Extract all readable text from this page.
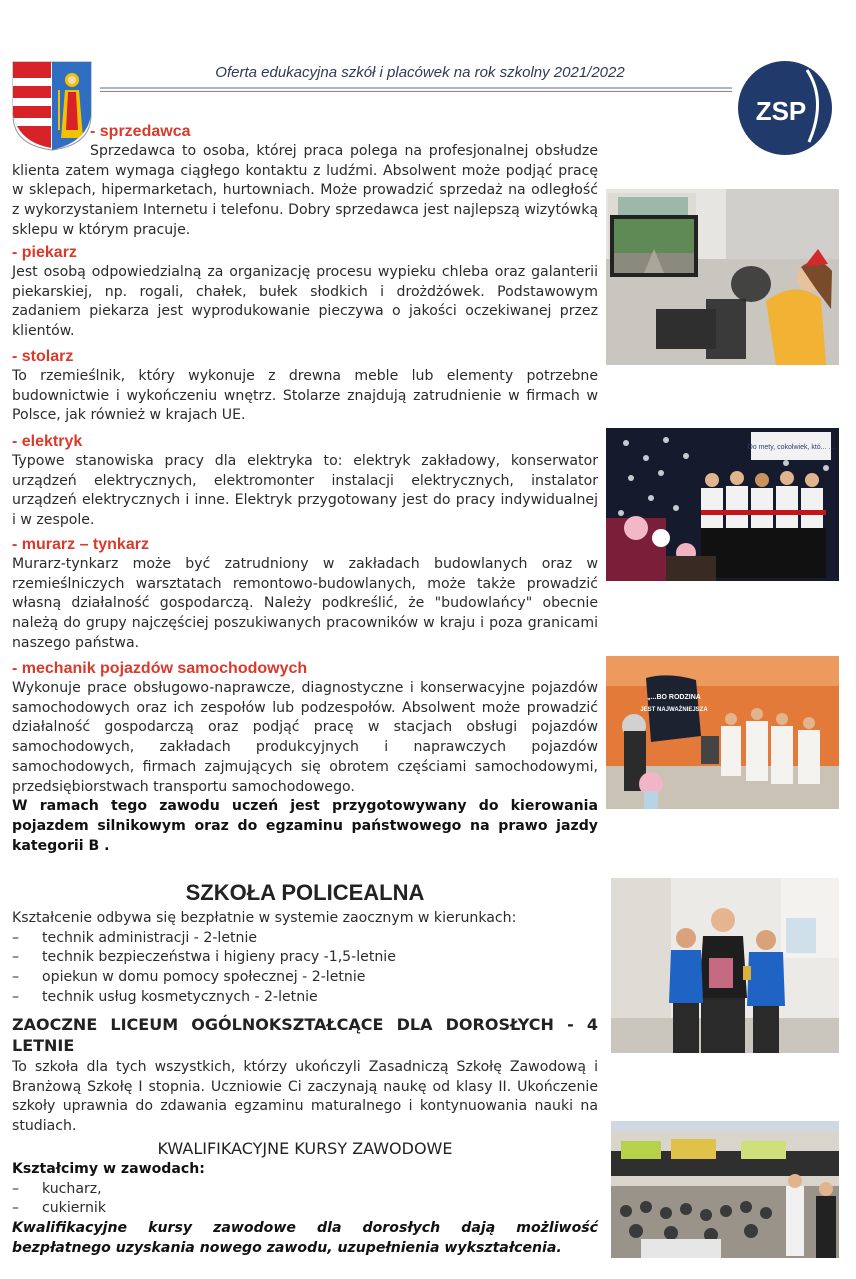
Oferta edukacyjna szkół i placówek na rok szkolny 2021/2022
ZSP
- sprzedawca

Sprzedawca to osoba, której praca polega na profesjonalnej obsłudze klienta zatem wymaga ciągłego kontaktu z ludźmi. Absolwent może podjąć pracę w sklepach, hipermarketach, hurtowniach. Może prowadzić sprzedaż na odległość z wykorzystaniem Internetu i telefonu. Dobry sprzedawca jest najlepszą wizytówką sklepu w którym pracuje.

- piekarz

Jest osobą odpowiedzialną za organizację procesu wypieku chleba oraz galanterii piekarskiej, np. rogali, chałek, bułek słodkich i drożdżówek. Podstawowym zadaniem piekarza jest wyprodukowanie pieczywa o jakości oczekiwanej przez klientów.

- stolarz

To rzemieślnik, który wykonuje z drewna meble lub elementy potrzebne budownictwie i wykończeniu wnętrz. Stolarze znajdują zatrudnienie w firmach w Polsce, jak również w krajach UE.

- elektryk

Typowe stanowiska pracy dla elektryka to: elektryk zakładowy, konserwator urządzeń elektrycznych, elektromonter instalacji elektrycznych, instalator urządzeń elektrycznych i inne. Elektryk przygotowany jest do pracy indywidualnej i w zespole.

- murarz – tynkarz

Murarz-tynkarz może być zatrudniony w zakładach budowlanych oraz w rzemieślniczych warsztatach remontowo-budowlanych, może także prowadzić własną działalność gospodarczą. Należy podkreślić, że "budowlańcy" obecnie należą do grupy najczęściej poszukiwanych pracowników w kraju i poza granicami naszego państwa.

- mechanik pojazdów samochodowych

Wykonuje prace obsługowo-naprawcze, diagnostyczne i konserwacyjne pojazdów samochodowych oraz ich zespołów lub podzespołów. Absolwent może prowadzić działalność gospodarczą oraz podjąć pracę w stacjach obsługi pojazdów samochodowych, zakładach produkcyjnych i naprawczych pojazdów samochodowych, firmach zajmujących się obrotem częściami samochodowymi, przedsiębiorstwach transportu samochodowego.

W ramach tego zawodu uczeń jest przygotowywany do kierowania pojazdem silnikowym oraz do egzaminu państwowego na prawo jazdy kategorii B .

SZKOŁA POLICEALNA

Kształcenie odbywa się bezpłatnie w systemie zaocznym w kierunkach:

– technik administracji - 2-letnie
– technik bezpieczeństwa i higieny pracy -1,5-letnie
– opiekun w domu pomocy społecznej - 2-letnie
– technik usług kosmetycznych - 2-letnie
ZAOCZNE LICEUM OGÓLNOKSZTAŁCĄCE DLA DOROSŁYCH - 4 LETNIE
To szkoła dla tych wszystkich, którzy ukończyli Zasadniczą Szkołę Zawodową i Branżową Szkołę I stopnia. Uczniowie Ci zaczynają naukę od klasy II. Ukończenie szkoły uprawnia do zdawania egzaminu maturalnego i kontynuowania nauki na studiach.
KWALIFIKACYJNE KURSY ZAWODOWE

Kształcimy w zawodach:

– kucharz,
– cukiernik

Kwalifikacyjne kursy zawodowe dla dorosłych dają możliwość bezpłatnego uzyskania nowego zawodu, uzupełnienia wykształcenia.

Do mety, cokolwiek, któ... ...
„...BO RODZINA
JEST NAJWAŻNIEJSZA
